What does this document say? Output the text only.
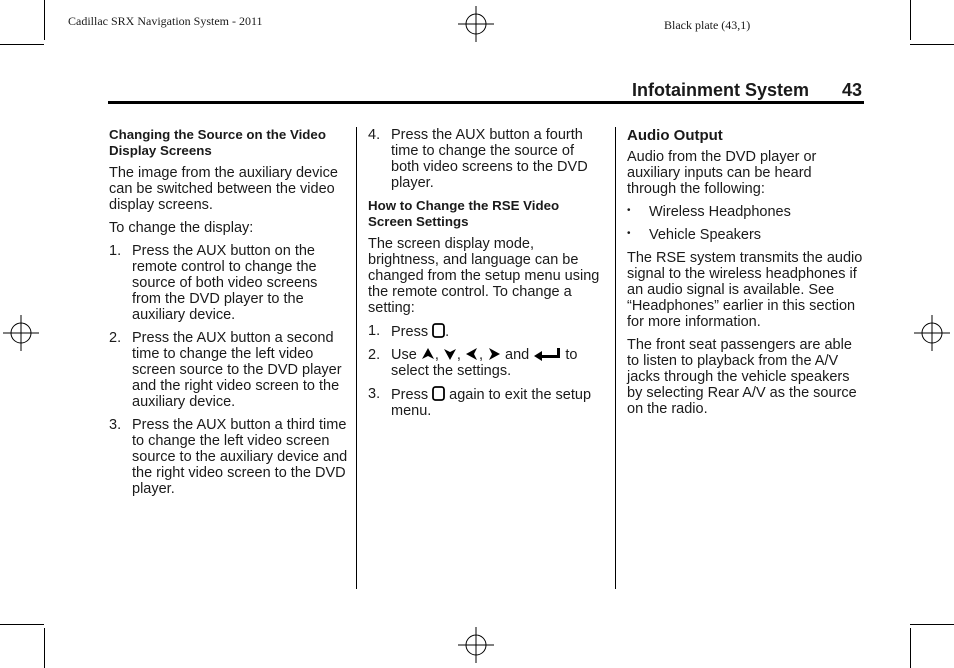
Cadillac SRX Navigation System - 2011	Black plate (43,1)
Infotainment System 43
Changing the Source on the Video Display Screens

The image from the auxiliary device can be switched between the video display screens.

To change the display:

1. Press the AUX button on the remote control to change the source of both video screens from the DVD player to the auxiliary device.
2. Press the AUX button a second time to change the left video screen source to the DVD player and the right video screen to the auxiliary device.
3. Press the AUX button a third time to change the left video screen source to the auxiliary device and the right video screen to the DVD player.
4. Press the AUX button a fourth time to change the source of both video screens to the DVD player.
How to Change the RSE Video Screen Settings

The screen display mode, brightness, and language can be changed from the setup menu using the remote control. To change a setting:

1. Press .
2. Use , , , and to select the settings.
3. Press again to exit the setup menu.
Audio Output

Audio from the DVD player or auxiliary inputs can be heard through the following:

•	Wireless Headphones
•	Vehicle Speakers

The RSE system transmits the audio signal to the wireless headphones if an audio signal is available. See “Headphones” earlier in this section for more information.

The front seat passengers are able to listen to playback from the A/V jacks through the vehicle speakers by selecting Rear A/V as the source on the radio.
